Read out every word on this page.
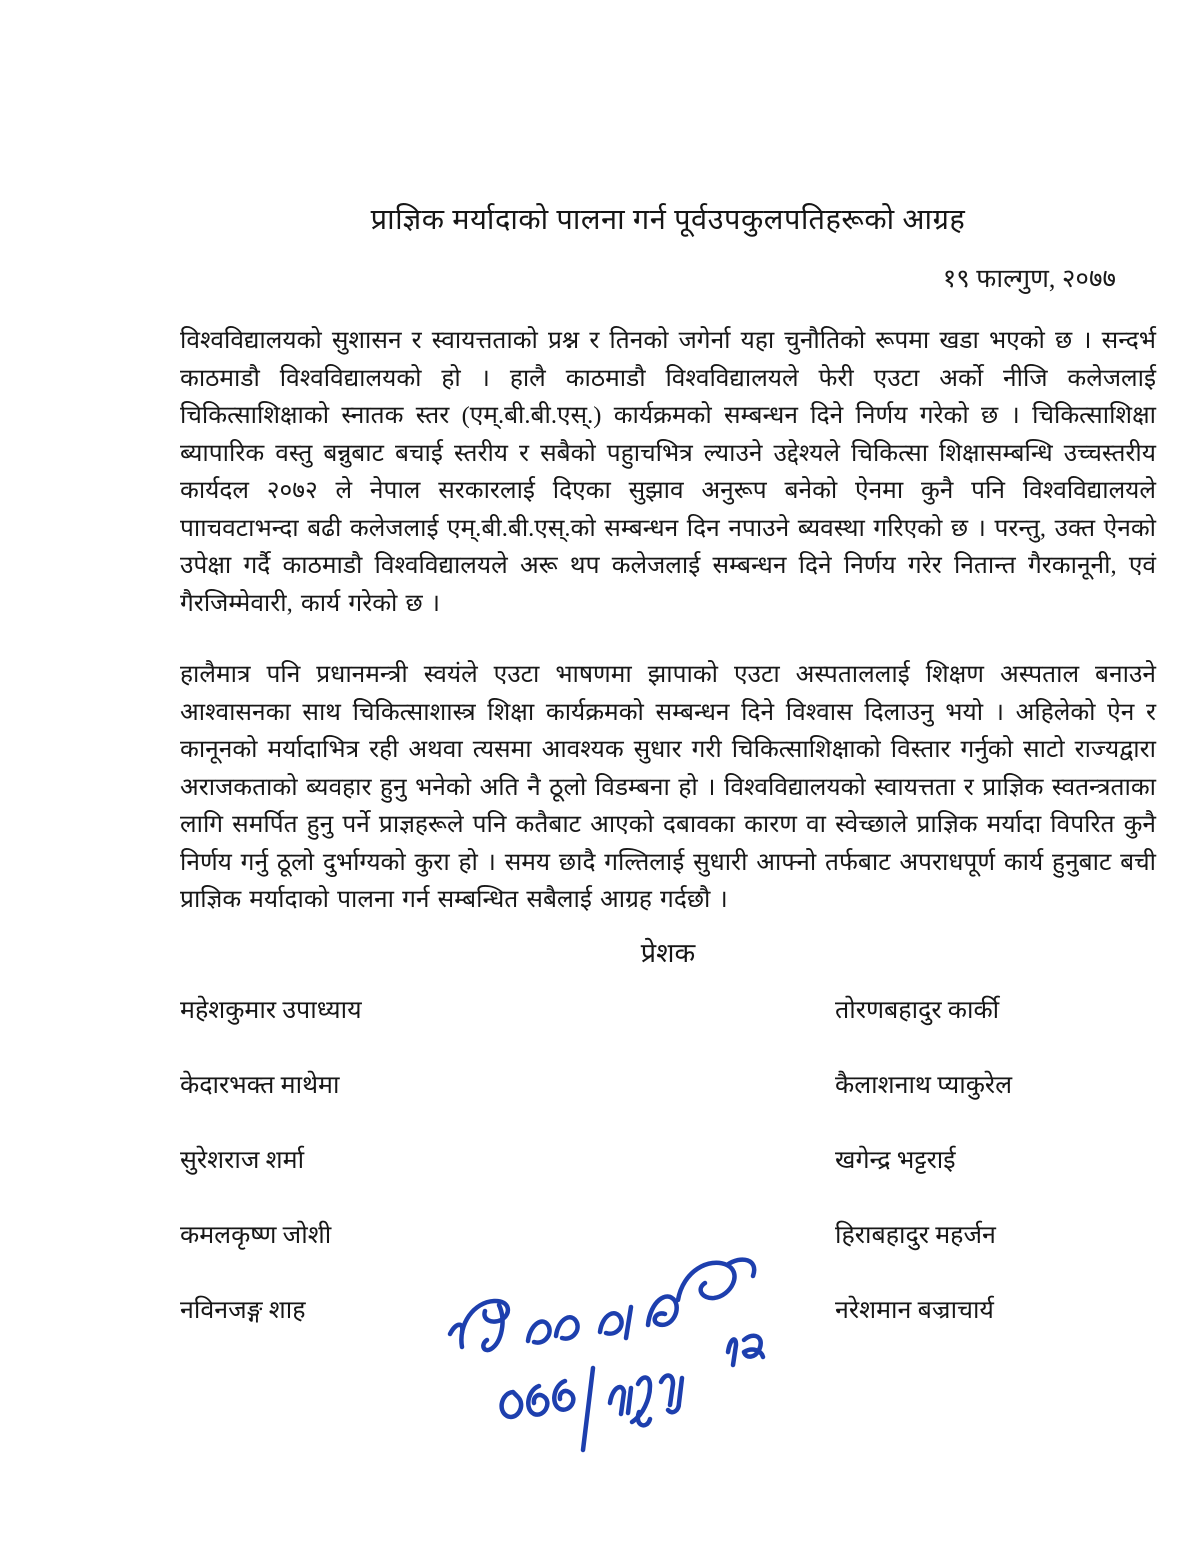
प्राज्ञिक मर्यादाको पालना गर्न पूर्वउपकुलपतिहरूको आग्रह
१९ फाल्गुण, २०७७

विश्वविद्यालयको सुशासन र स्वायत्तताको प्रश्न र तिनको जगेर्ना यहा चुनौतिको रूपमा खडा भएको छ । सन्दर्भ काठमाडौ विश्वविद्यालयको हो । हालै काठमाडौ विश्वविद्यालयले फेरी एउटा अर्को नीजि कलेजलाई चिकित्साशिक्षाको स्नातक स्तर (एम्.बी.बी.एस्.) कार्यक्रमको सम्बन्धन दिने निर्णय गरेको छ । चिकित्साशिक्षा ब्यापारिक वस्तु बन्नुबाट बचाई स्तरीय र सबैको पहुाचभित्र ल्याउने उद्देश्यले चिकित्सा शिक्षासम्बन्धि उच्चस्तरीय कार्यदल २०७२ ले नेपाल सरकारलाई दिएका सुझाव अनुरूप बनेको ऐनमा कुनै पनि विश्वविद्यालयले पााचवटाभन्दा बढी कलेजलाई एम्.बी.बी.एस्.को सम्बन्धन दिन नपाउने ब्यवस्था गरिएको छ । परन्तु, उक्त ऐनको उपेक्षा गर्दै काठमाडौ विश्वविद्यालयले अरू थप कलेजलाई सम्बन्धन दिने निर्णय गरेर नितान्त गैरकानूनी, एवं गैरजिम्मेवारी, कार्य गरेको छ ।

हालैमात्र पनि प्रधानमन्त्री स्वयंले एउटा भाषणमा झापाको एउटा अस्पताललाई शिक्षण अस्पताल बनाउने आश्वासनका साथ चिकित्साशास्त्र शिक्षा कार्यक्रमको सम्बन्धन दिने विश्वास दिलाउनु भयो । अहिलेको ऐन र कानूनको मर्यादाभित्र रही अथवा त्यसमा आवश्यक सुधार गरी चिकित्साशिक्षाको विस्तार गर्नुको साटो राज्यद्वारा अराजकताको ब्यवहार हुनु भनेको अति नै ठूलो विडम्बना हो । विश्वविद्यालयको स्वायत्तता र प्राज्ञिक स्वतन्त्रताका लागि समर्पित हुनु पर्ने प्राज्ञहरूले पनि कतैबाट आएको दबावका कारण वा स्वेच्छाले प्राज्ञिक मर्यादा विपरित कुनै निर्णय गर्नु ठूलो दुर्भाग्यको कुरा हो । समय छादै गल्तिलाई सुधारी आफ्नो तर्फबाट अपराधपूर्ण कार्य हुनुबाट बची प्राज्ञिक मर्यादाको पालना गर्न सम्बन्धित सबैलाई आग्रह गर्दछौ ।

प्रेशक
महेशकुमार उपाध्याय	तोरणबहादुर कार्की
केदारभक्त माथेमा	कैलाशनाथ प्याकुरेल
सुरेशराज शर्मा	खगेन्द्र भट्टराई
कमलकृष्ण जोशी	हिराबहादुर महर्जन
नविनजङ्ग शाह	नरेशमान बज्राचार्य
